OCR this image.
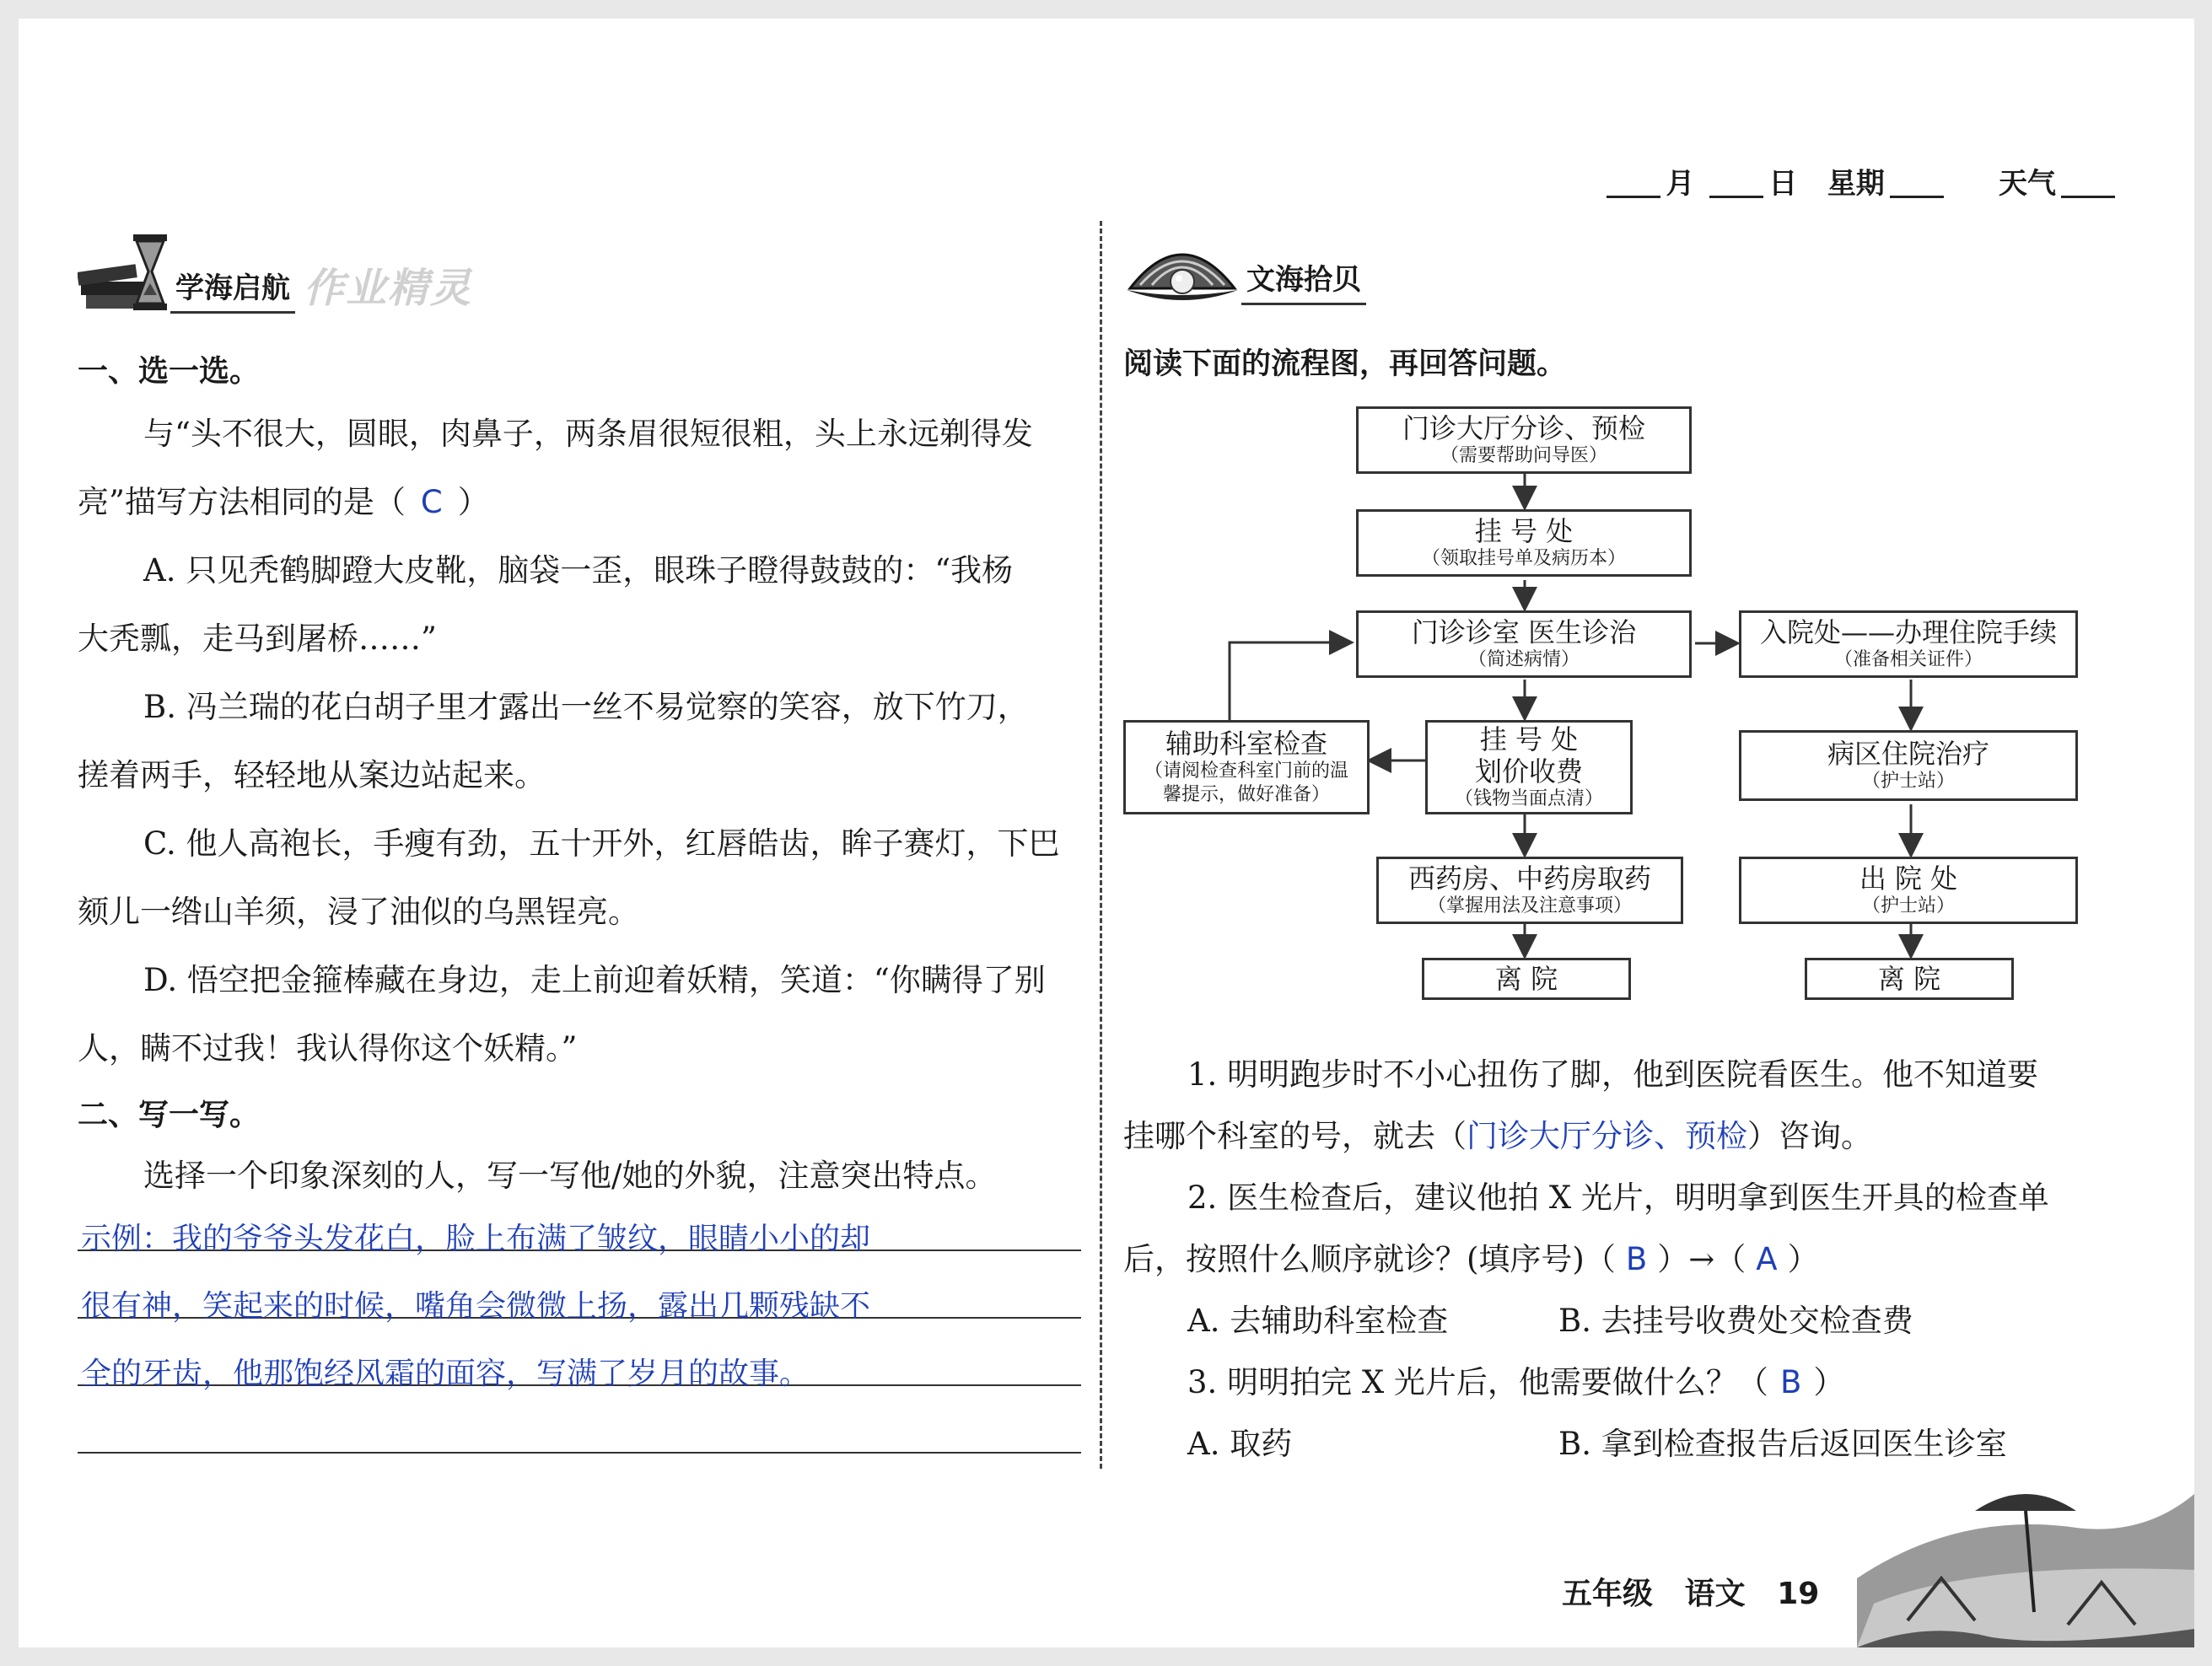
月	日 星期	天气
学海启航 作业精灵
一、选一选。
与“头不很大，圆眼，肉鼻子，两条眉很短很粗，头上永远剃得发
亮”描写方法相同的是（ C ）
A. 只见秃鹤脚蹬大皮靴，脑袋一歪，眼珠子瞪得鼓鼓的：“我杨
大秃瓢，走马到屠桥……”
B. 冯兰瑞的花白胡子里才露出一丝不易觉察的笑容，放下竹刀，
搓着两手，轻轻地从案边站起来。
C. 他人高袍长，手瘦有劲，五十开外，红唇皓齿，眸子赛灯，下巴
颏儿一绺山羊须，浸了油似的乌黑锃亮。
D. 悟空把金箍棒藏在身边，走上前迎着妖精，笑道：“你瞒得了别
人，瞒不过我！我认得你这个妖精。”
二、写一写。
选择一个印象深刻的人，写一写他/她的外貌，注意突出特点。
示例：我的爷爷头发花白，脸上布满了皱纹，眼睛小小的却
很有神，笑起来的时候，嘴角会微微上扬，露出几颗残缺不
全的牙齿，他那饱经风霜的面容，写满了岁月的故事。
文海拾贝
阅读下面的流程图，再回答问题。
门诊大厅分诊、预检
（需要帮助问导医）
挂 号 处
（领取挂号单及病历本）
门诊诊室 医生诊治
（简述病情）
入院处——办理住院手续
（准备相关证件）
辅助科室检查
（请阅检查科室门前的温
馨提示，做好准备）
挂 号 处
划价收费
（钱物当面点清）
病区住院治疗
（护士站）
西药房、中药房取药
（掌握用法及注意事项）
出 院 处
（护士站）
离 院	离 院
1. 明明跑步时不小心扭伤了脚，他到医院看医生。他不知道要
挂哪个科室的号，就去（门诊大厅分诊、预检）咨询。
2. 医生检查后，建议他拍 X 光片，明明拿到医生开具的检查单
后，按照什么顺序就诊？(填序号)（ B ）→（ A ）
A. 去辅助科室检查	B. 去挂号收费处交检查费
3. 明明拍完 X 光片后，他需要做什么？（ B ）
A. 取药	B. 拿到检查报告后返回医生诊室
五年级 语文 19
